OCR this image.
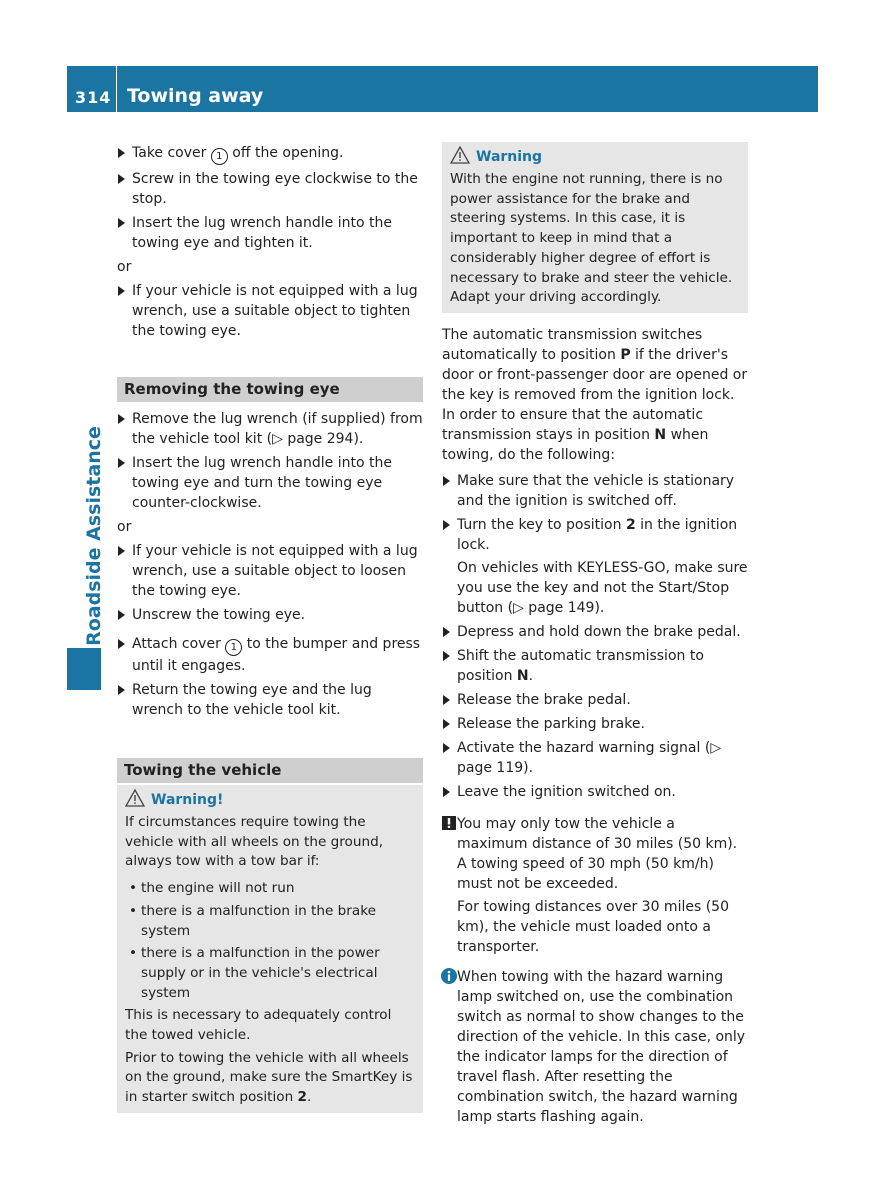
314 Towing away
Roadside Assistance
Take cover 1 off the opening.
Screw in the towing eye clockwise to the stop.
Insert the lug wrench handle into the towing eye and tighten it.
or
If your vehicle is not equipped with a lug wrench, use a suitable object to tighten the towing eye.
Removing the towing eye
Remove the lug wrench (if supplied) from the vehicle tool kit (▷ page 294).
Insert the lug wrench handle into the towing eye and turn the towing eye counter-clockwise.
or
If your vehicle is not equipped with a lug wrench, use a suitable object to loosen the towing eye.
Unscrew the towing eye.
Attach cover 1 to the bumper and press until it engages.
Return the towing eye and the lug wrench to the vehicle tool kit.
Towing the vehicle
Warning!

If circumstances require towing the vehicle with all wheels on the ground, always tow with a tow bar if:

• the engine will not run
• there is a malfunction in the brake system
• there is a malfunction in the power supply or in the vehicle's electrical system

This is necessary to adequately control the towed vehicle.

Prior to towing the vehicle with all wheels on the ground, make sure the SmartKey is in starter switch position 2.

Warning

With the engine not running, there is no power assistance for the brake and steering systems. In this case, it is important to keep in mind that a considerably higher degree of effort is necessary to brake and steer the vehicle. Adapt your driving accordingly.

The automatic transmission switches automatically to position P if the driver's door or front-passenger door are opened or the key is removed from the ignition lock. In order to ensure that the automatic transmission stays in position N when towing, do the following:

Make sure that the vehicle is stationary and the ignition is switched off.
Turn the key to position 2 in the ignition lock.
On vehicles with KEYLESS-GO, make sure you use the key and not the Start/Stop button (▷ page 149).
Depress and hold down the brake pedal.
Shift the automatic transmission to position N.
Release the brake pedal.
Release the parking brake.
Activate the hazard warning signal (▷ page 119).
Leave the ignition switched on.
You may only tow the vehicle a maximum distance of 30 miles (50 km). A towing speed of 30 mph (50 km/h) must not be exceeded.
For towing distances over 30 miles (50 km), the vehicle must loaded onto a transporter.
When towing with the hazard warning lamp switched on, use the combination switch as normal to show changes to the direction of the vehicle. In this case, only the indicator lamps for the direction of travel flash. After resetting the combination switch, the hazard warning lamp starts flashing again.
